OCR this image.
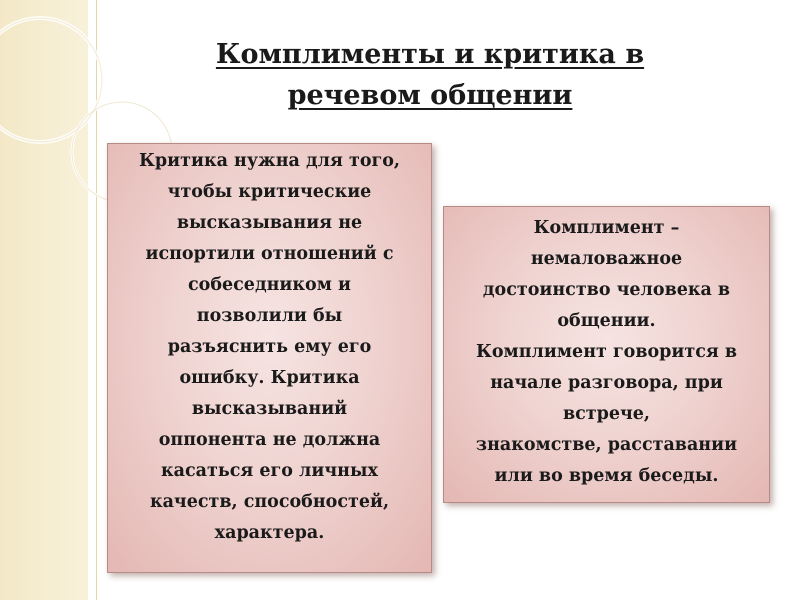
Комплименты и критика в
речевом общении
Критика нужна для того,
чтобы критические
высказывания не
испортили отношений с
собеседником и
позволили бы
разъяснить ему его
ошибку. Критика
высказываний
оппонента не должна
касаться его личных
качеств, способностей,
характера.
Комплимент –
немаловажное
достоинство человека в
общении.
Комплимент говорится в
начале разговора, при
встрече,
знакомстве, расставании
или во время беседы.
